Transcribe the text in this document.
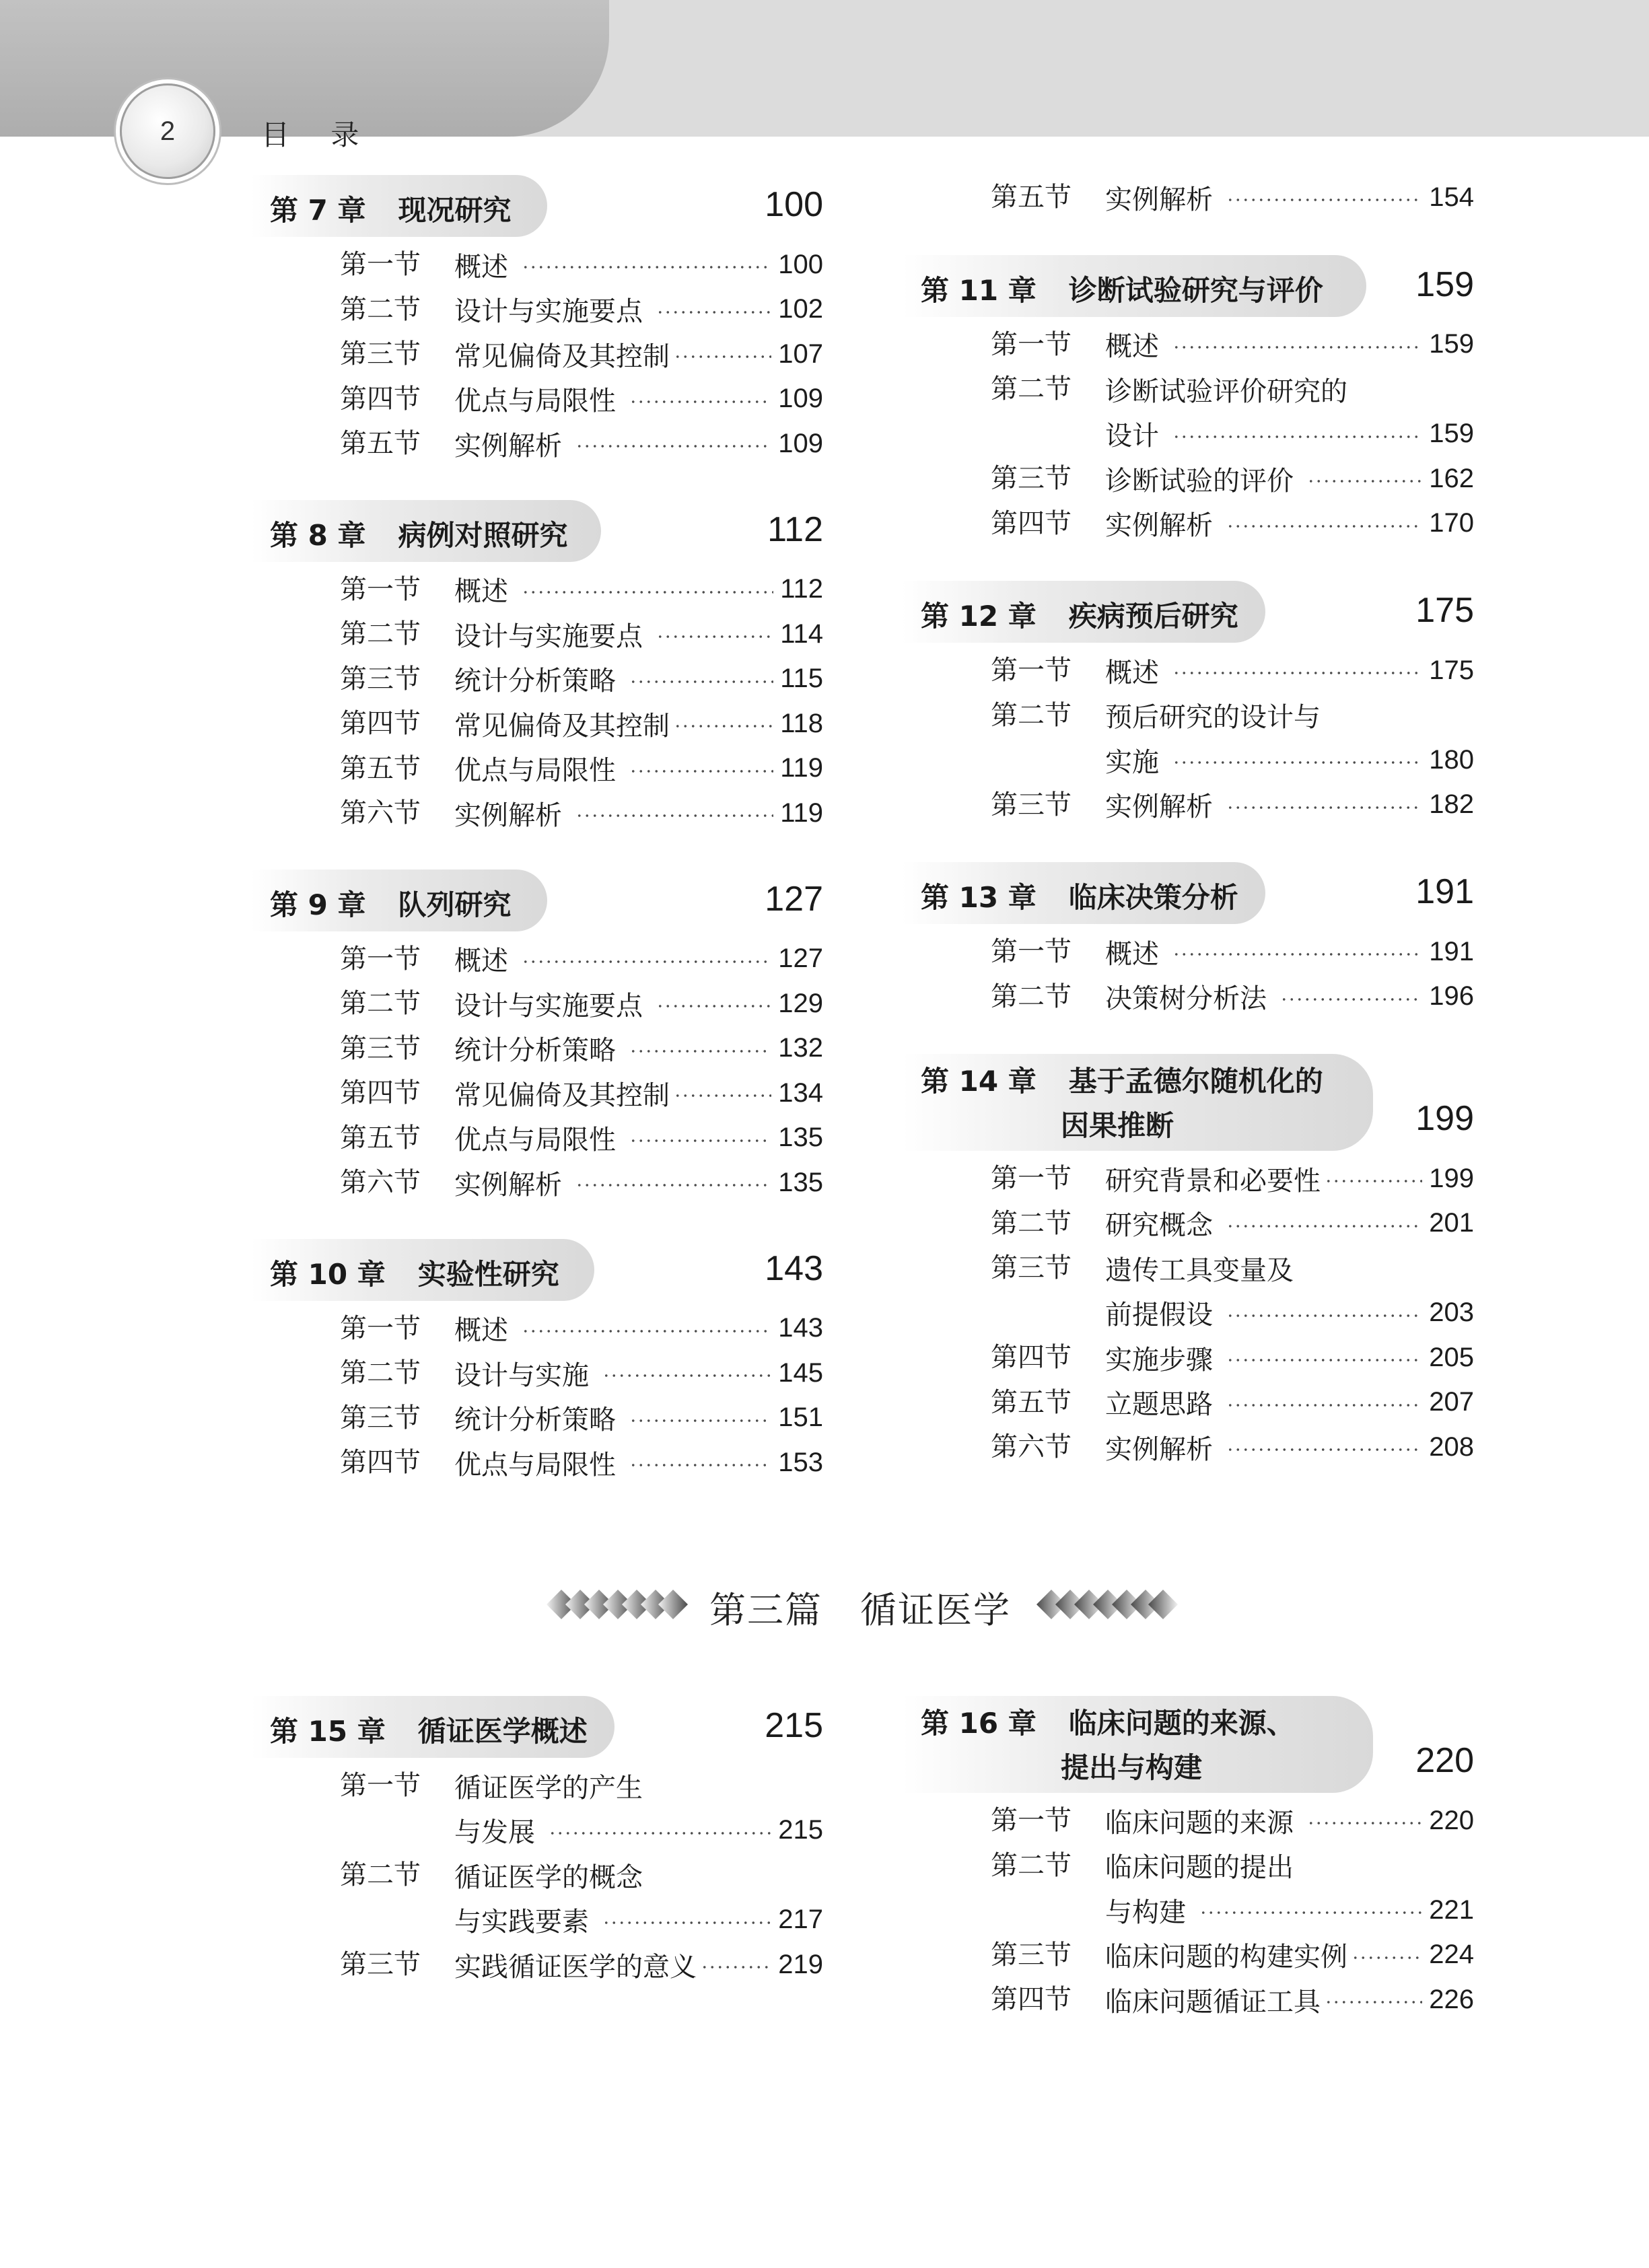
2	目 录
第 7 章 现况研究	100
第一节 概述	100
第二节 设计与实施要点	102
第三节 常见偏倚及其控制	107
第四节 优点与局限性	109
第五节 实例解析	109
第 8 章 病例对照研究	112
第一节 概述	112
第二节 设计与实施要点	114
第三节 统计分析策略	115
第四节 常见偏倚及其控制	118
第五节 优点与局限性	119
第六节 实例解析	119
第 9 章 队列研究	127
第一节 概述	127
第二节 设计与实施要点	129
第三节 统计分析策略	132
第四节 常见偏倚及其控制	134
第五节 优点与局限性	135
第六节 实例解析	135
第 10 章 实验性研究	143
第一节 概述	143
第二节 设计与实施	145
第三节 统计分析策略	151
第四节 优点与局限性	153
第五节 实例解析	154
第 11 章 诊断试验研究与评价	159
第一节 概述	159
第二节 诊断试验评价研究的
设计	159
第三节 诊断试验的评价	162
第四节 实例解析	170
第 12 章 疾病预后研究	175
第一节 概述	175
第二节 预后研究的设计与
实施	180
第三节 实例解析	182
第 13 章 临床决策分析	191
第一节 概述	191
第二节 决策树分析法	196
第 14 章 基于孟德尔随机化的
因果推断	199
第一节 研究背景和必要性	199
第二节 研究概念	201
第三节 遗传工具变量及
前提假设	203
第四节 实施步骤	205
第五节 立题思路	207
第六节 实例解析	208
第三篇　循证医学
第 15 章 循证医学概述	215
第一节 循证医学的产生
与发展	215
第二节 循证医学的概念
与实践要素	217
第三节 实践循证医学的意义	219
第 16 章 临床问题的来源、
提出与构建	220
第一节 临床问题的来源	220
第二节 临床问题的提出
与构建	221
第三节 临床问题的构建实例	224
第四节 临床问题循证工具	226
